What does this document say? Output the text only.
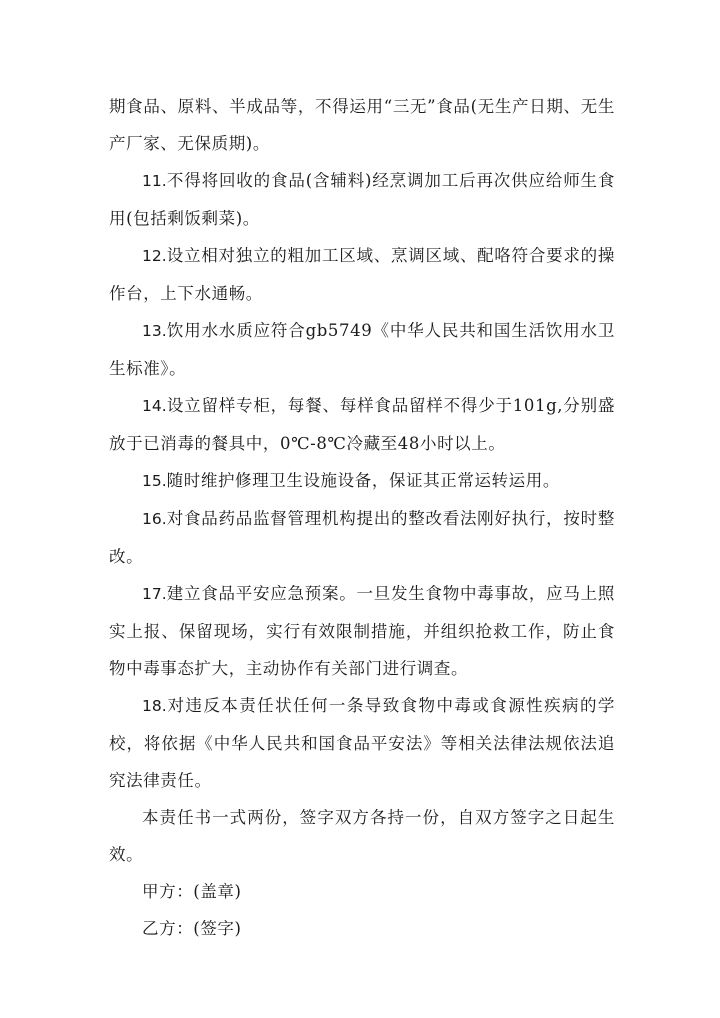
期食品、原料、半成品等，不得运用“三无”食品(无生产日期、无生产厂家、无保质期)。

11.不得将回收的食品(含辅料)经烹调加工后再次供应给师生食用(包括剩饭剩菜)。

12.设立相对独立的粗加工区域、烹调区域、配咯符合要求的操作台，上下水通畅。

13.饮用水水质应符合gb5749《中华人民共和国生活饮用水卫生标准》。

14.设立留样专柜，每餐、每样食品留样不得少于101g,分别盛放于已消毒的餐具中，0℃-8℃冷藏至48小时以上。

15.随时维护修理卫生设施设备，保证其正常运转运用。

16.对食品药品监督管理机构提出的整改看法刚好执行，按时整改。

17.建立食品平安应急预案。一旦发生食物中毒事故，应马上照实上报、保留现场，实行有效限制措施，并组织抢救工作，防止食物中毒事态扩大，主动协作有关部门进行调查。

18.对违反本责任状任何一条导致食物中毒或食源性疾病的学校，将依据《中华人民共和国食品平安法》等相关法律法规依法追究法律责任。

本责任书一式两份，签字双方各持一份，自双方签字之日起生效。

甲方：(盖章)

乙方：(签字)
